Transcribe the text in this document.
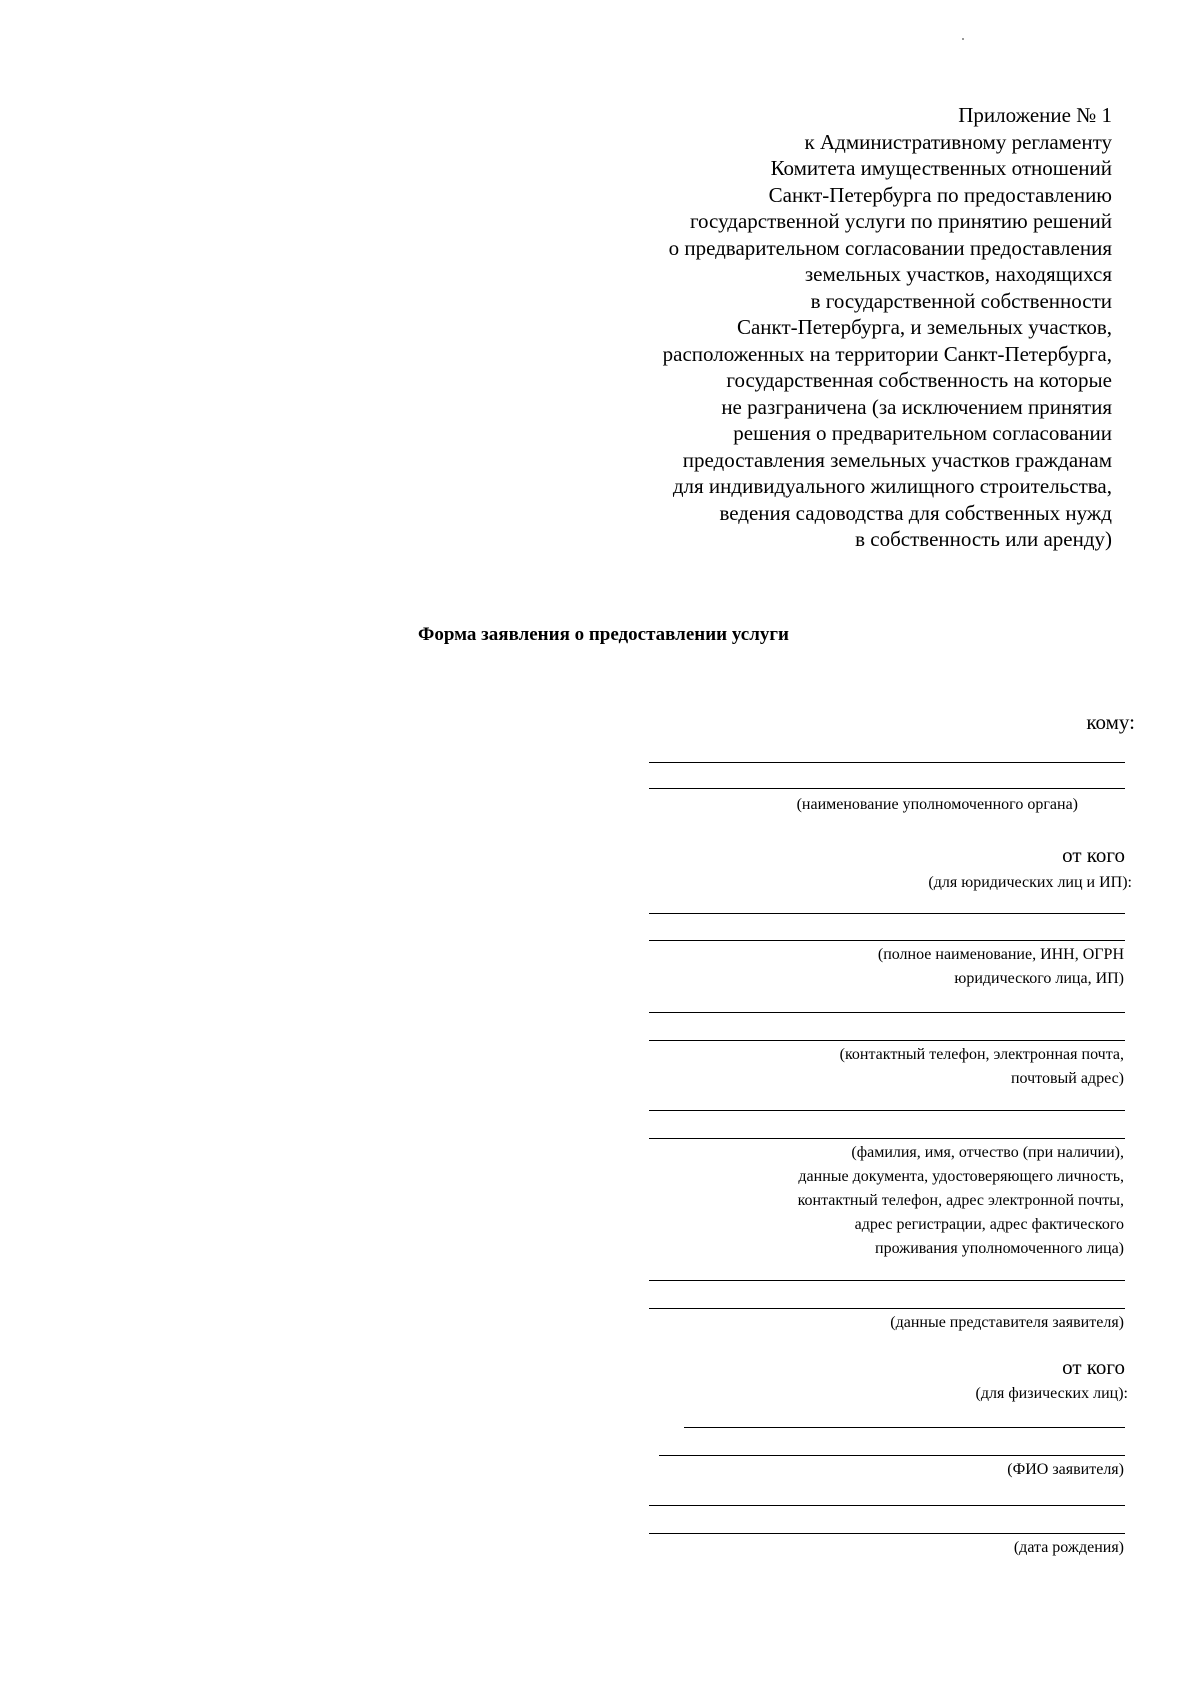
Приложение № 1
к Административному регламенту
Комитета имущественных отношений
Санкт-Петербурга по предоставлению
государственной услуги по принятию решений
о предварительном согласовании предоставления
земельных участков, находящихся
в государственной собственности
Санкт-Петербурга, и земельных участков,
расположенных на территории Санкт-Петербурга,
государственная собственность на которые
не разграничена (за исключением принятия
решения о предварительном согласовании
предоставления земельных участков гражданам
для индивидуального жилищного строительства,
ведения садоводства для собственных нужд
в собственность или аренду)
Форма заявления о предоставлении услуги
кому:
(наименование уполномоченного органа)
от кого
(для юридических лиц и ИП):
(полное наименование, ИНН, ОГРН
юридического лица, ИП)
(контактный телефон, электронная почта,
почтовый адрес)
(фамилия, имя, отчество (при наличии),
данные документа, удостоверяющего личность,
контактный телефон, адрес электронной почты,
адрес регистрации, адрес фактического
проживания уполномоченного лица)
(данные представителя заявителя)
от кого
(для физических лиц):
(ФИО заявителя)
(дата рождения)
